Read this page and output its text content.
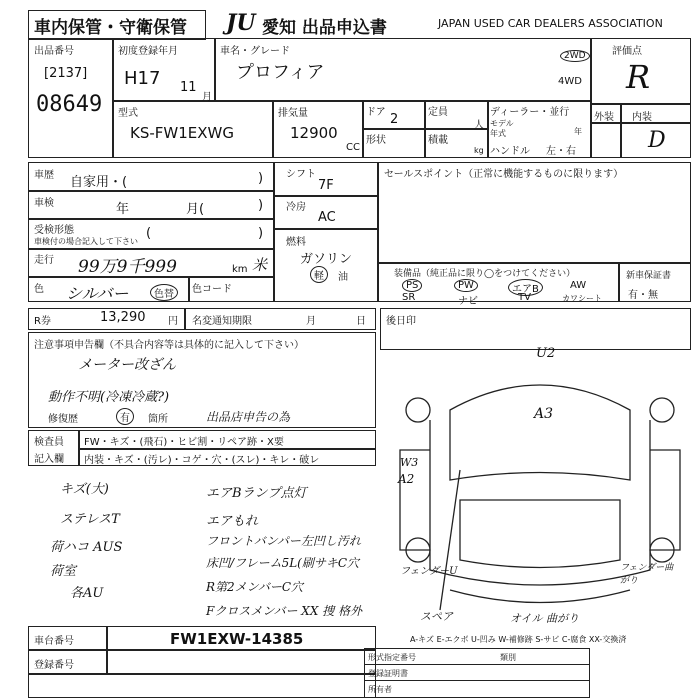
車内保管・守衛保管 JU 愛知 出品申込書	JAPAN USED CAR DEALERS ASSOCIATION
出品番号
[2137]
08649
初度登録年月
H17 11
月
車名・グレード
プロフィア
2WD
4WD
評価点
R
外装 内装
D
型式
KS-FW1EXWG
排気量
12900
CC
ドア 2
形状
定員
人
積載
kg
ディーラー・並行
モデル
年式	年
ハンドル 左・右
車歴 自家用・(	)
車検	年	月(	)
受検形態
車検付の場合記入して下さい
(	)
走行 99万9千999	km 米
色 シルバー	色替	色コード
シフト
7F
冷房
AC
燃料
ガソリン
軽	油
セールスポイント（正常に機能するものに限ります）
装備品（純正品に限り◯をつけてください）
PS	PW	エアB	AW
SR	ナビ	TV	カワシート
新車保証書
有・無
R券	13,290 円 名変通知期限	月	日 後日印
注意事項申告欄（不具合内容等は具体的に記入して下さい）
メーター改ざん
動作不明(冷凍冷蔵?)
修復歴	有	箇所	出品店申告の為
検査員
記入欄
FW・キズ・(飛石)・ヒビ割・リペア跡・X要
内装・キズ・(汚レ)・コゲ・穴・(スレ)・キレ・破レ
キズ(大)	エアBランプ点灯
ステレスT	エアもれ
荷ハコ AUS	フロントバンパー左凹し汚れ
荷室
床凹/フレーム5L(刷サキC穴
各AU	R第2メンバーC穴
Fクロスメンバー XX 捜 格外
U2
A3
W3
A2
フェンダーU	フェンダー曲がり
スペア	オイル 曲がり
車台番号	FW1EXW-14385
登録番号
A-キズ E-エクボ U-凹み W-補修跡 S-サビ C-腐食 XX-交換済
形式指定番号	類別
登録証明書
所有者
